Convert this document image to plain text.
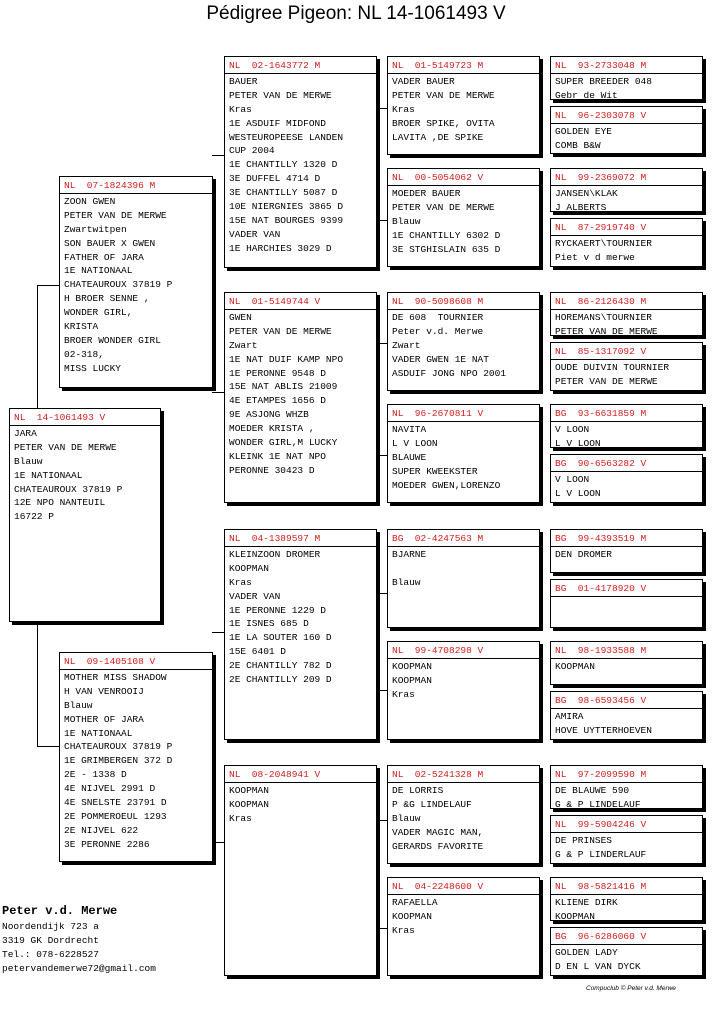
Pédigree Pigeon: NL 14-1061493 V
NL  14-1061493 V
JARA
PETER VAN DE MERWE
Blauw
1E NATIONAAL
CHATEAUROUX 37819 P
12E NPO NANTEUIL
16722 P
NL  07-1824396 M
ZOON GWEN
PETER VAN DE MERWE
Zwartwitpen
SON BAUER X GWEN
FATHER OF JARA
1E NATIONAAL
CHATEAUROUX 37819 P
H BROER SENNE ,
WONDER GIRL,
KRISTA
BROER WONDER GIRL
02-318,
MISS LUCKY
NL  09-1405108 V
MOTHER MISS SHADOW
H VAN VENROOIJ
Blauw
MOTHER OF JARA
1E NATIONAAL
CHATEAUROUX 37819 P
1E GRIMBERGEN 372 D
2E - 1338 D
4E NIJVEL 2991 D
4E SNELSTE 23791 D
2E POMMEROEUL 1293
2E NIJVEL 622
3E PERONNE 2286
NL  02-1643772 M
BAUER
PETER VAN DE MERWE
Kras
1E ASDUIF MIDFOND
WESTEUROPEESE LANDEN
CUP 2004
1E CHANTILLY 1320 D
3E DUFFEL 4714 D
3E CHANTILLY 5087 D
10E NIERGNIES 3865 D
15E NAT BOURGES 9399
VADER VAN
1E HARCHIES 3029 D
NL  01-5149744 V
GWEN
PETER VAN DE MERWE
Zwart
1E NAT DUIF KAMP NPO
1E PERONNE 9548 D
15E NAT ABLIS 21009
4E ETAMPES 1656 D
9E ASJONG WHZB
MOEDER KRISTA ,
WONDER GIRL,M LUCKY
KLEINK 1E NAT NPO
PERONNE 30423 D
NL  04-1389597 M
KLEINZOON DROMER
KOOPMAN
Kras
VADER VAN
1E PERONNE 1229 D
1E ISNES 685 D
1E LA SOUTER 160 D
15E 6401 D
2E CHANTILLY 782 D
2E CHANTILLY 209 D
NL  08-2048941 V
KOOPMAN
KOOPMAN
Kras
NL  01-5149723 M
VADER BAUER
PETER VAN DE MERWE
Kras
BROER SPIKE, OVITA
LAVITA ,DE SPIKE
NL  00-5054062 V
MOEDER BAUER
PETER VAN DE MERWE
Blauw
1E CHANTILLY 6302 D
3E STGHISLAIN 635 D
NL  90-5098608 M
DE 608  TOURNIER
Peter v.d. Merwe
Zwart
VADER GWEN 1E NAT
ASDUIF JONG NPO 2001
NL  96-2670811 V
NAVITA
L V LOON
BLAUWE
SUPER KWEEKSTER
MOEDER GWEN,LORENZO
BG  02-4247563 M
BJARNE

Blauw
NL  99-4708298 V
KOOPMAN
KOOPMAN
Kras
NL  02-5241328 M
DE LORRIS
P &G LINDELAUF
Blauw
VADER MAGIC MAN,
GERARDS FAVORITE
NL  04-2248600 V
RAFAELLA
KOOPMAN
Kras
NL  93-2733048 M
SUPER BREEDER 048
Gebr de Wit
NL  96-2303078 V
GOLDEN EYE
COMB B&W
NL  99-2369072 M
JANSEN\KLAK
J ALBERTS
NL  87-2919740 V
RYCKAERT\TOURNIER
Piet v d merwe
NL  86-2126430 M
HOREMANS\TOURNIER
PETER VAN DE MERWE
NL  85-1317092 V
OUDE DUIVIN TOURNIER
PETER VAN DE MERWE
BG  93-6631859 M
V LOON
L V LOON
BG  90-6563282 V
V LOON
L V LOON
BG  99-4393519 M
DEN DROMER
BG  01-4178920 V
NL  98-1933588 M
KOOPMAN
BG  98-6593456 V
AMIRA
HOVE UYTTERHOEVEN
NL  97-2099590 M
DE BLAUWE 590
G & P LINDELAUF
NL  99-5904246 V
DE PRINSES
G & P LINDERLAUF
NL  98-5821416 M
KLIENE DIRK
KOOPMAN
BG  96-6286060 V
GOLDEN LADY
D EN L VAN DYCK
Peter v.d. Merwe
Noordendijk 723 a
3319 GK Dordrecht
Tel.: 078-6228527
petervandemerwe72@gmail.com
Compuclub © Peter v.d. Merwe
